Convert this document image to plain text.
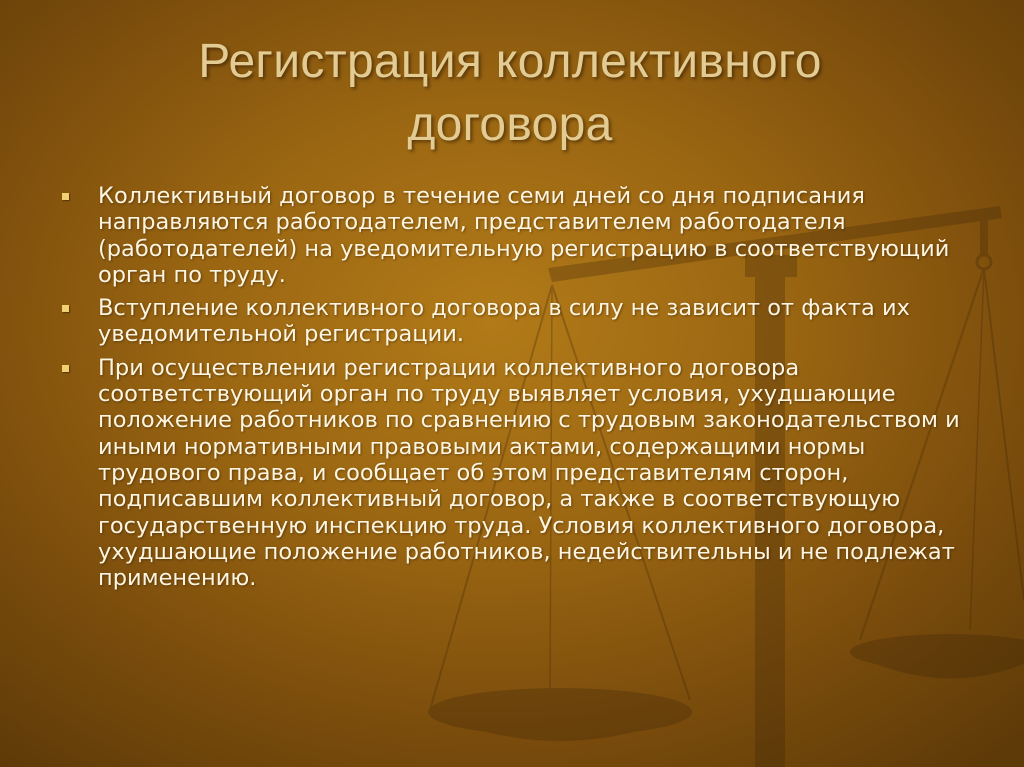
Регистрация коллективного
договора
Коллективный договор в течение семи дней со дня подписания направляются работодателем, представителем работодателя (работодателей) на уведомительную регистрацию в соответствующий орган по труду.
Вступление коллективного договора в силу не зависит от факта их уведомительной регистрации.
При осуществлении регистрации коллективного договора соответствующий орган по труду выявляет условия, ухудшающие положение работников по сравнению с трудовым законодательством и иными нормативными правовыми актами, содержащими нормы трудового права, и сообщает об этом представителям сторон, подписавшим коллективный договор, а также в соответствующую государственную инспекцию труда. Условия коллективного договора, ухудшающие положение работников, недействительны и не подлежат применению.
